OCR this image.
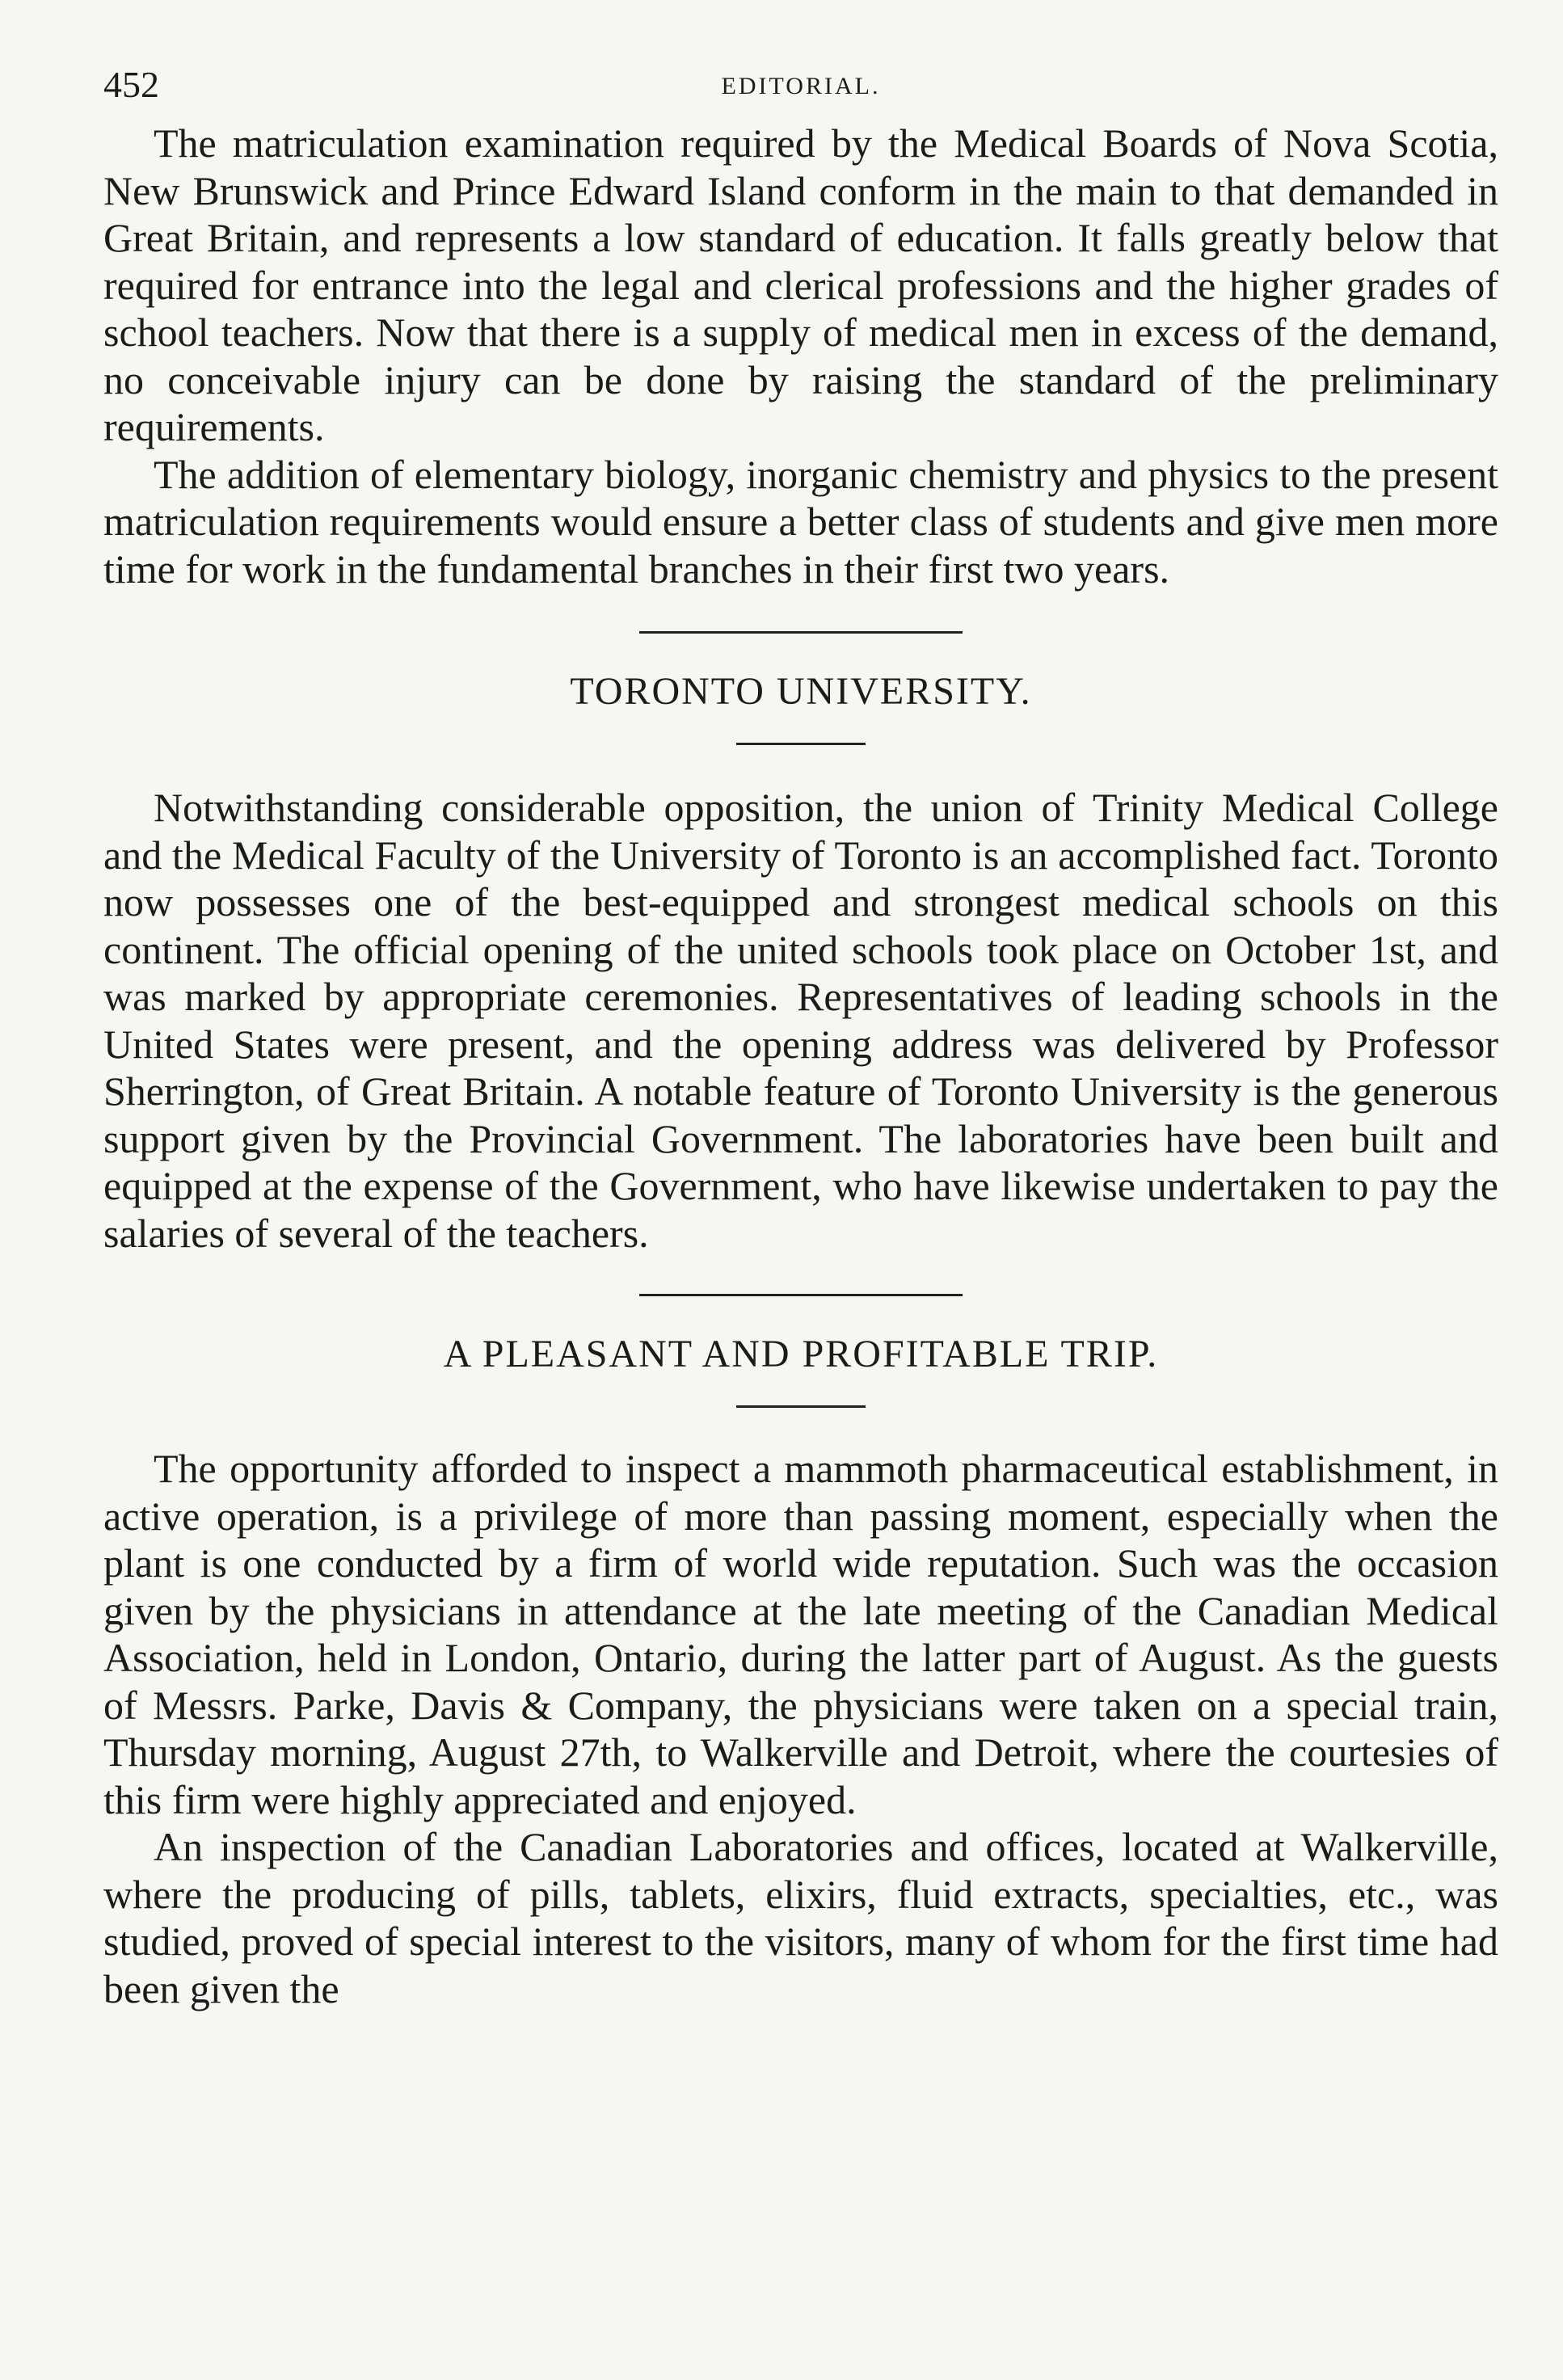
452	EDITORIAL.

The matriculation examination required by the Medical Boards of Nova Scotia, New Brunswick and Prince Edward Island conform in the main to that demanded in Great Britain, and represents a low standard of education. It falls greatly below that required for entrance into the legal and clerical professions and the higher grades of school teachers. Now that there is a supply of medical men in excess of the demand, no conceivable injury can be done by raising the standard of the preliminary requirements.

The addition of elementary biology, inorganic chemistry and physics to the present matriculation requirements would ensure a better class of students and give men more time for work in the fundamental branches in their first two years.

TORONTO UNIVERSITY.

Notwithstanding considerable opposition, the union of Trinity Medical College and the Medical Faculty of the University of Toronto is an accomplished fact. Toronto now possesses one of the best-equipped and strongest medical schools on this continent. The official opening of the united schools took place on October 1st, and was marked by appropriate ceremonies. Representatives of leading schools in the United States were present, and the opening address was delivered by Professor Sherrington, of Great Britain. A notable feature of Toronto University is the generous support given by the Provincial Government. The laboratories have been built and equipped at the expense of the Government, who have likewise undertaken to pay the salaries of several of the teachers.

A PLEASANT AND PROFITABLE TRIP.

The opportunity afforded to inspect a mammoth pharmaceutical establishment, in active operation, is a privilege of more than passing moment, especially when the plant is one conducted by a firm of world wide reputation. Such was the occasion given by the physicians in attendance at the late meeting of the Canadian Medical Association, held in London, Ontario, during the latter part of August. As the guests of Messrs. Parke, Davis & Company, the physicians were taken on a special train, Thursday morning, August 27th, to Walkerville and Detroit, where the courtesies of this firm were highly appreciated and enjoyed.

An inspection of the Canadian Laboratories and offices, located at Walkerville, where the producing of pills, tablets, elixirs, fluid extracts, specialties, etc., was studied, proved of special interest to the visitors, many of whom for the first time had been given the
